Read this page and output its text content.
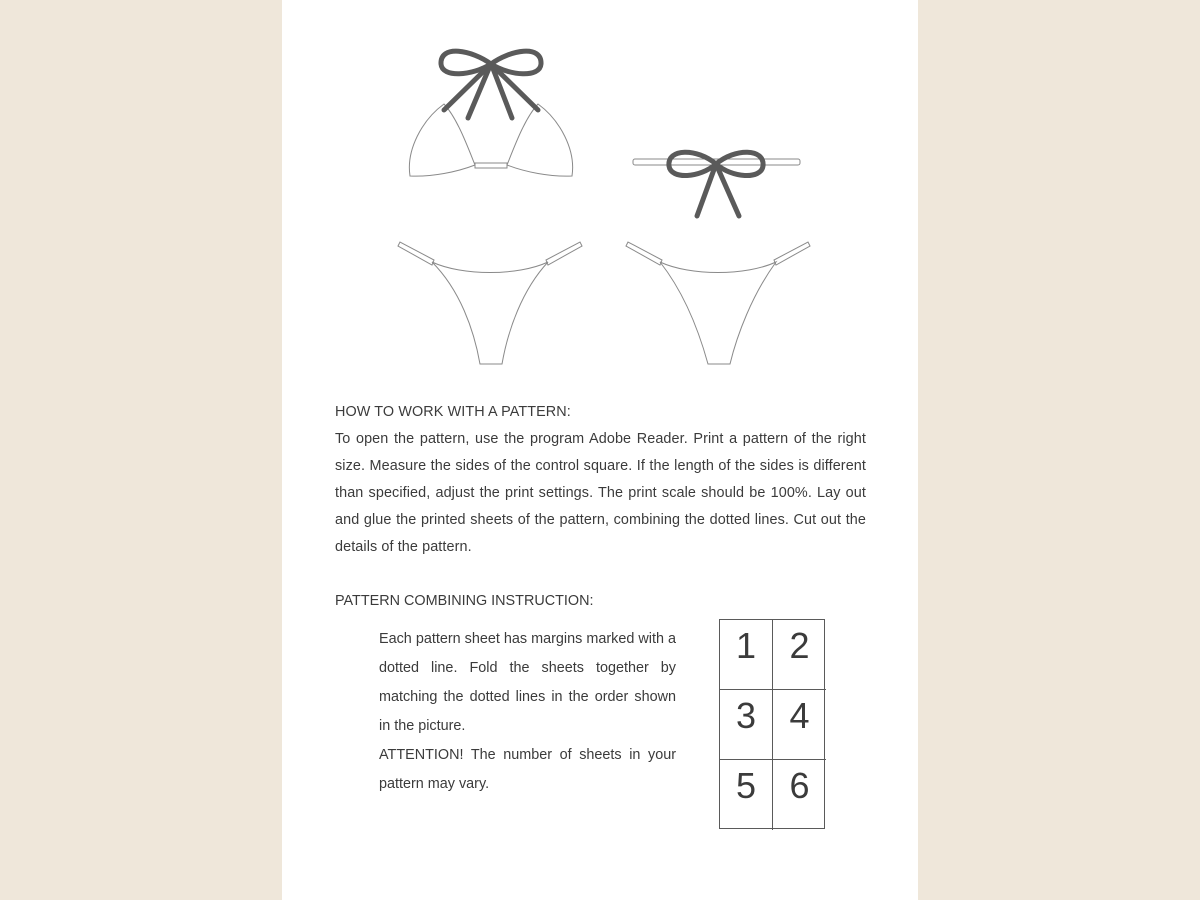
HOW TO WORK WITH A PATTERN:

To open the pattern, use the program Adobe Reader. Print a pattern of the right size. Measure the sides of the control square. If the length of the sides is different than specified, adjust the print settings. The print scale should be 100%. Lay out and glue the printed sheets of the pattern, combining the dotted lines. Cut out the details of the pattern.

PATTERN COMBINING INSTRUCTION:

Each pattern sheet has margins marked with a dotted line. Fold the sheets together by matching the dotted lines in the order shown in the picture.

ATTENTION! The number of sheets in your pattern may vary.

1 2
3 4
5 6
